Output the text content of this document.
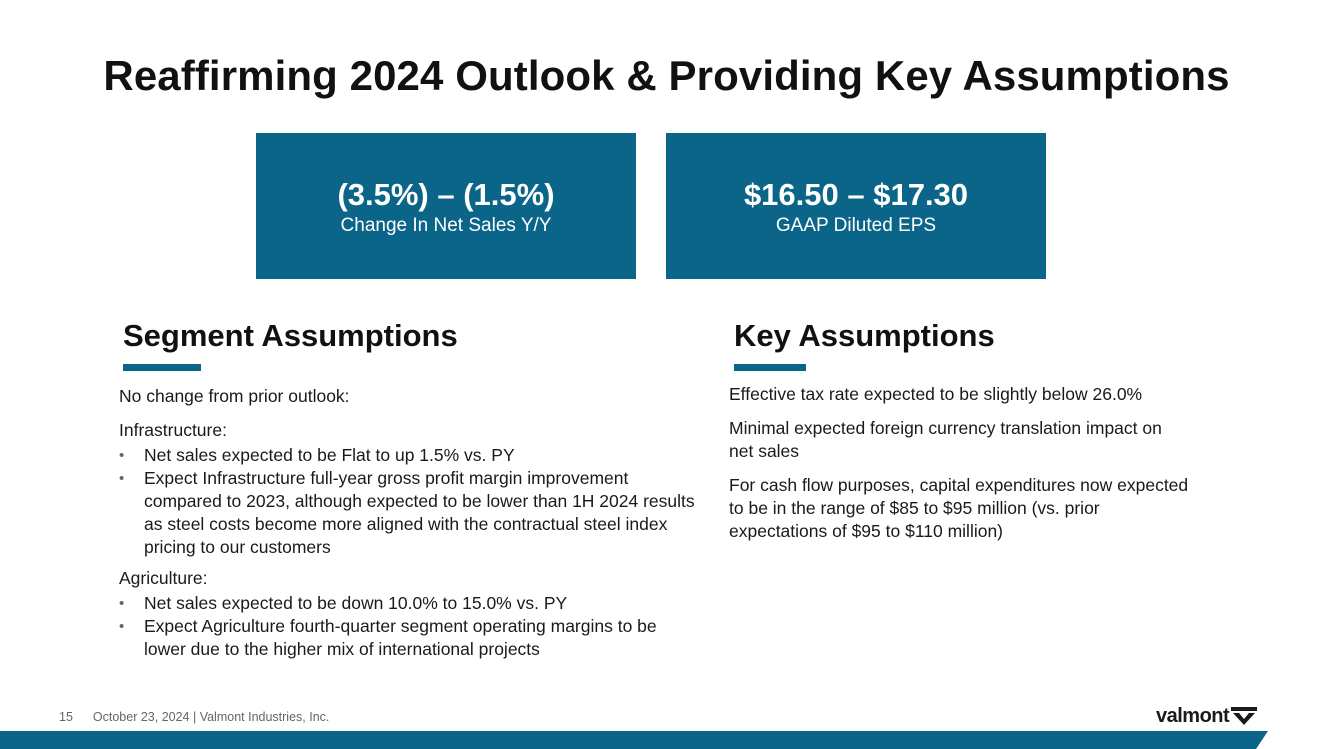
Reaffirming 2024 Outlook & Providing Key Assumptions
(3.5%) – (1.5%)
Change In Net Sales Y/Y
$16.50 – $17.30
GAAP Diluted EPS
Segment Assumptions	Key Assumptions

No change from prior outlook:

Infrastructure:

• Net sales expected to be Flat to up 1.5% vs. PY
• Expect Infrastructure full-year gross profit margin improvement compared to 2023, although expected to be lower than 1H 2024 results as steel costs become more aligned with the contractual steel index pricing to our customers

Agriculture:

• Net sales expected to be down 10.0% to 15.0% vs. PY
• Expect Agriculture fourth-quarter segment operating margins to be lower due to the higher mix of international projects

Effective tax rate expected to be slightly below 26.0%

Minimal expected foreign currency translation impact on net sales

For cash flow purposes, capital expenditures now expected to be in the range of $85 to $95 million (vs. prior expectations of $95 to $110 million)

15 October 23, 2024 | Valmont Industries, Inc.	valmont
